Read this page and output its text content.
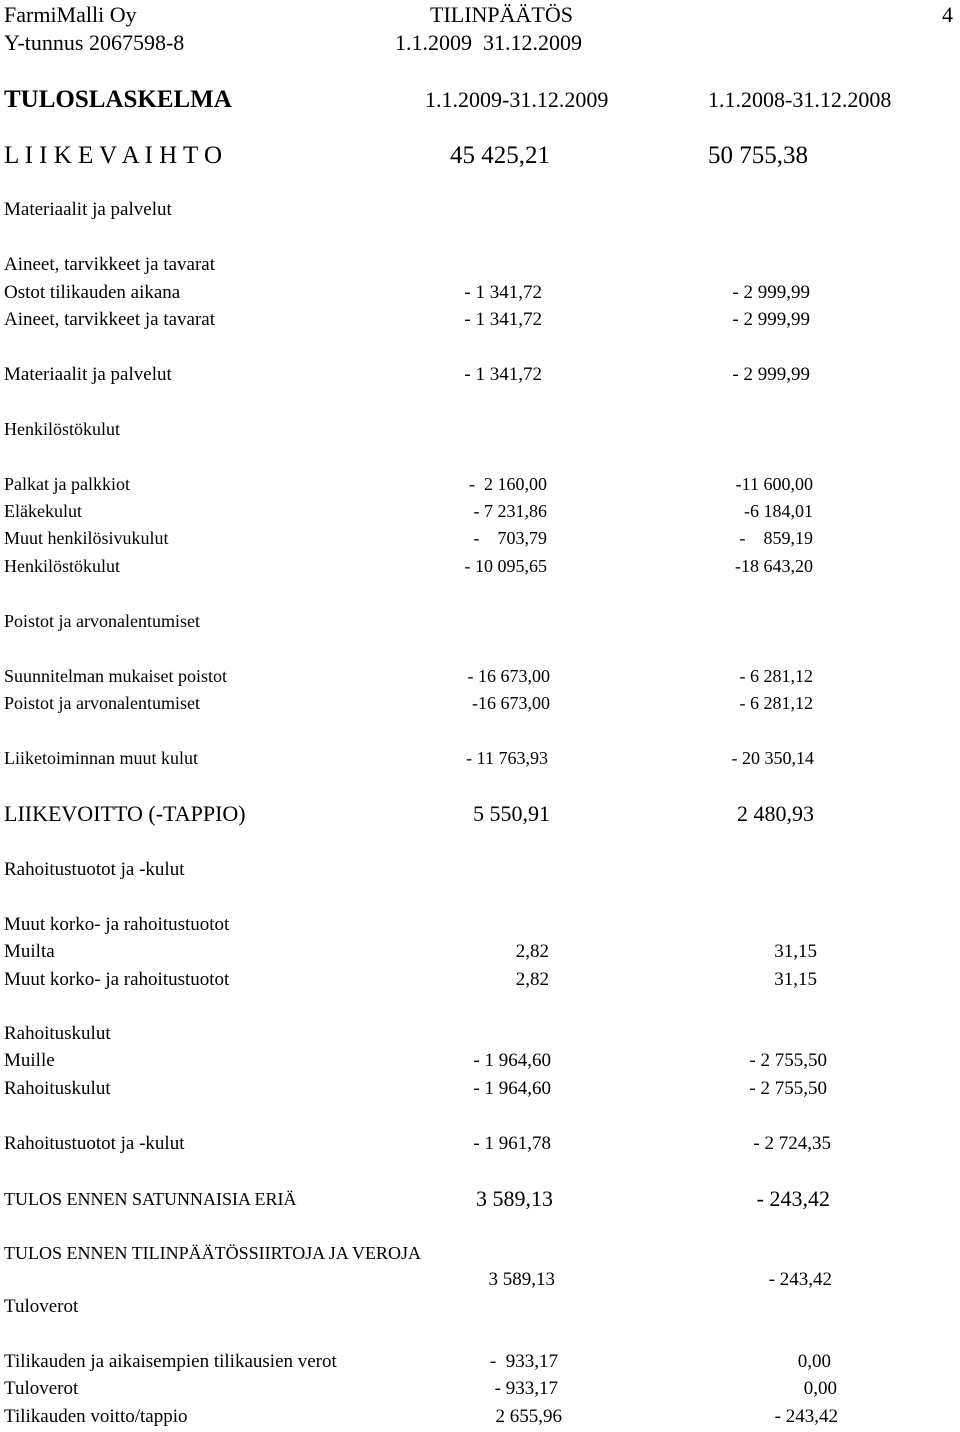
FarmiMalli Oy
Y-tunnus 2067598-8
TILINPÄÄTÖS
1.1.2009  31.12.2009
4
TULOSLASKELMA	1.1.2009-31.12.2009	1.1.2008-31.12.2008
L I I K E V A I H T O	45 425,21	50 755,38
Materiaalit ja palvelut
Aineet, tarvikkeet ja tavarat
Ostot tilikauden aikana	- 1 341,72	- 2 999,99
Aineet, tarvikkeet ja tavarat	- 1 341,72	- 2 999,99
Materiaalit ja palvelut	- 1 341,72	- 2 999,99
Henkilöstökulut
Palkat ja palkkiot	-  2 160,00	-11 600,00
Eläkekulut	- 7 231,86	-6 184,01
Muut henkilösivukulut	-    703,79	-    859,19
Henkilöstökulut	- 10 095,65	-18 643,20
Poistot ja arvonalentumiset
Suunnitelman mukaiset poistot	- 16 673,00	- 6 281,12
Poistot ja arvonalentumiset	-16 673,00	- 6 281,12
Liiketoiminnan muut kulut	- 11 763,93	- 20 350,14
LIIKEVOITTO (-TAPPIO)	5 550,91	2 480,93
Rahoitustuotot ja -kulut
Muut korko- ja rahoitustuotot
Muilta	2,82	31,15
Muut korko- ja rahoitustuotot	2,82	31,15
Rahoituskulut
Muille	- 1 964,60	- 2 755,50
Rahoituskulut	- 1 964,60	- 2 755,50
Rahoitustuotot ja -kulut	- 1 961,78	- 2 724,35
TULOS ENNEN SATUNNAISIA ERIÄ	3 589,13	- 243,42
TULOS ENNEN TILINPÄÄTÖSSIIRTOJA JA VEROJA
3 589,13	- 243,42
Tuloverot
Tilikauden ja aikaisempien tilikausien verot	-  933,17	0,00
Tuloverot	- 933,17	0,00
Tilikauden voitto/tappio	2 655,96	- 243,42
